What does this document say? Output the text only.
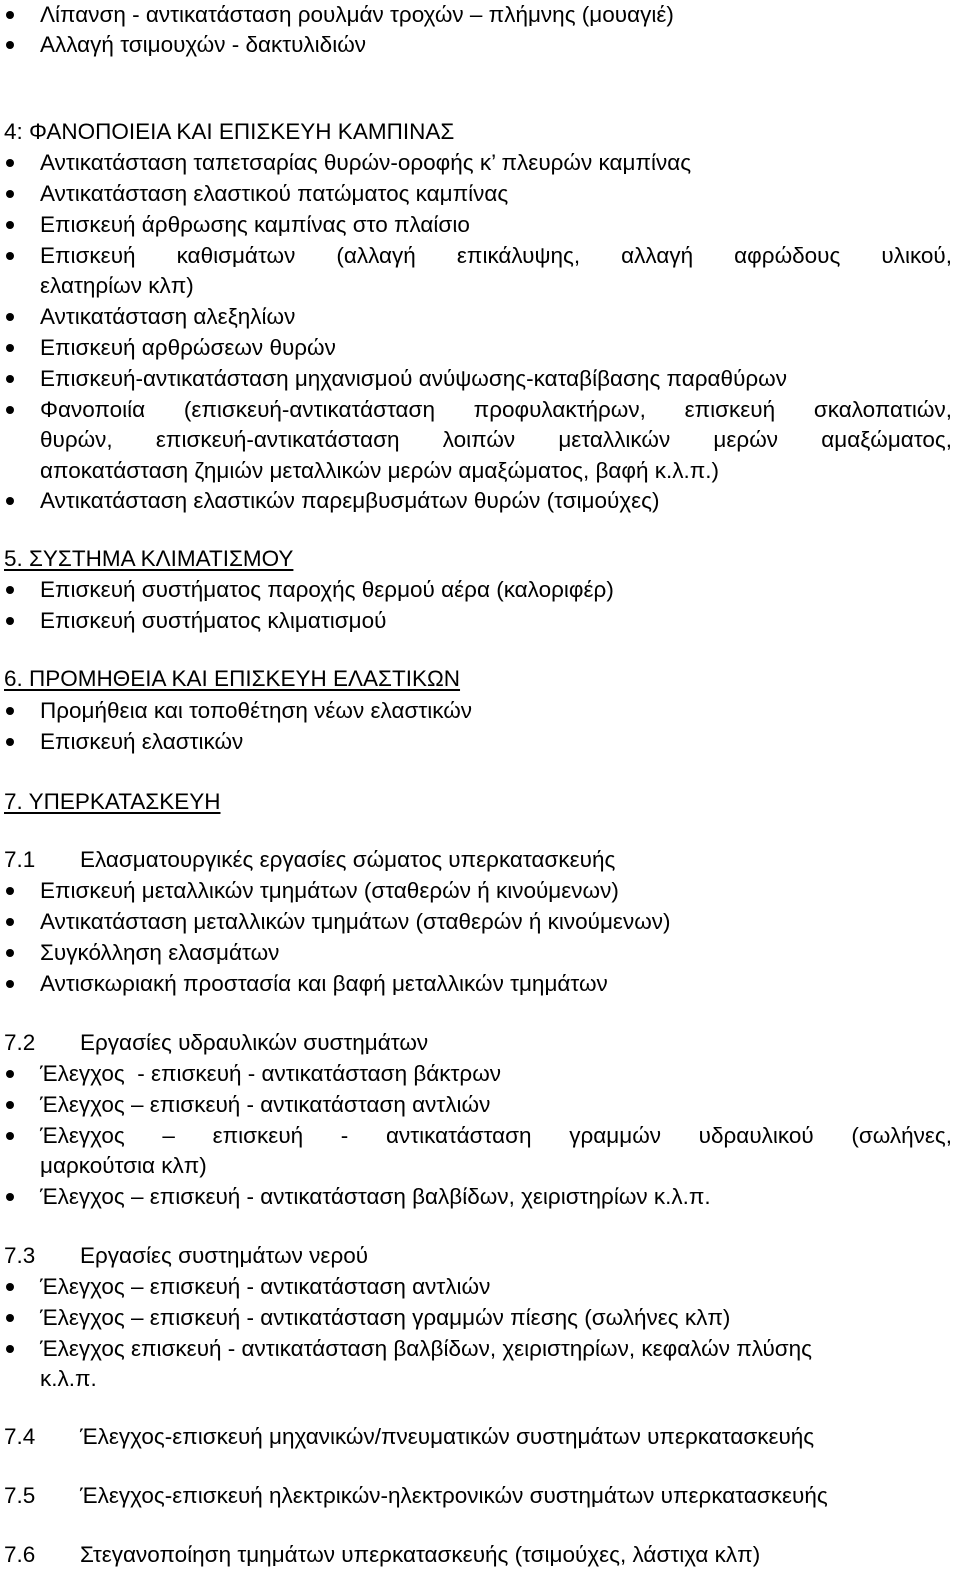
Λίπανση - αντικατάσταση ρουλμάν τροχών – πλήμνης (μουαγιέ)
Αλλαγή τσιμουχών - δακτυλιδιών
4: ΦΑΝΟΠΟΙΕΙΑ ΚΑΙ ΕΠΙΣΚΕΥΗ ΚΑΜΠΙΝΑΣ
Αντικατάσταση ταπετσαρίας θυρών-οροφής κ’ πλευρών καμπίνας
Αντικατάσταση ελαστικού πατώματος καμπίνας
Επισκευή άρθρωσης καμπίνας στο πλαίσιο
Επισκευή καθισμάτων (αλλαγή επικάλυψης, αλλαγή αφρώδους υλικού,
ελατηρίων κλπ)
Αντικατάσταση αλεξηλίων
Επισκευή αρθρώσεων θυρών
Επισκευή-αντικατάσταση μηχανισμού ανύψωσης-καταβίβασης παραθύρων
Φανοποιία (επισκευή-αντικατάσταση προφυλακτήρων, επισκευή σκαλοπατιών,
θυρών, επισκευή-αντικατάσταση λοιπών μεταλλικών μερών αμαξώματος,
αποκατάσταση ζημιών μεταλλικών μερών αμαξώματος, βαφή κ.λ.π.)
Αντικατάσταση ελαστικών παρεμβυσμάτων θυρών (τσιμούχες)
5. ΣΥΣΤΗΜΑ ΚΛΙΜΑΤΙΣΜΟΥ
Επισκευή συστήματος παροχής θερμού αέρα (καλοριφέρ)
Επισκευή συστήματος κλιματισμού
6. ΠΡΟΜΗΘΕΙΑ ΚΑΙ ΕΠΙΣΚΕΥΗ ΕΛΑΣΤΙΚΩΝ
Προμήθεια και τοποθέτηση νέων ελαστικών
Επισκευή ελαστικών
7. ΥΠΕΡΚΑΤΑΣΚΕΥΗ
7.1 Ελασματουργικές εργασίες σώματος υπερκατασκευής
Επισκευή μεταλλικών τμημάτων (σταθερών ή κινούμενων)
Αντικατάσταση μεταλλικών τμημάτων (σταθερών ή κινούμενων)
Συγκόλληση ελασμάτων
Αντισκωριακή προστασία και βαφή μεταλλικών τμημάτων
7.2 Εργασίες υδραυλικών συστημάτων
Έλεγχος  - επισκευή - αντικατάσταση βάκτρων
Έλεγχος – επισκευή - αντικατάσταση αντλιών
Έλεγχος – επισκευή - αντικατάσταση γραμμών υδραυλικού (σωλήνες,
μαρκούτσια κλπ)
Έλεγχος – επισκευή - αντικατάσταση βαλβίδων, χειριστηρίων κ.λ.π.
7.3 Εργασίες συστημάτων νερού
Έλεγχος – επισκευή - αντικατάσταση αντλιών
Έλεγχος – επισκευή - αντικατάσταση γραμμών πίεσης (σωλήνες κλπ)
Έλεγχος επισκευή - αντικατάσταση βαλβίδων, χειριστηρίων, κεφαλών πλύσης
κ.λ.π.
7.4 Έλεγχος-επισκευή μηχανικών/πνευματικών συστημάτων υπερκατασκευής
7.5 Έλεγχος-επισκευή ηλεκτρικών-ηλεκτρονικών συστημάτων υπερκατασκευής
7.6 Στεγανοποίηση τμημάτων υπερκατασκευής (τσιμούχες, λάστιχα κλπ)
